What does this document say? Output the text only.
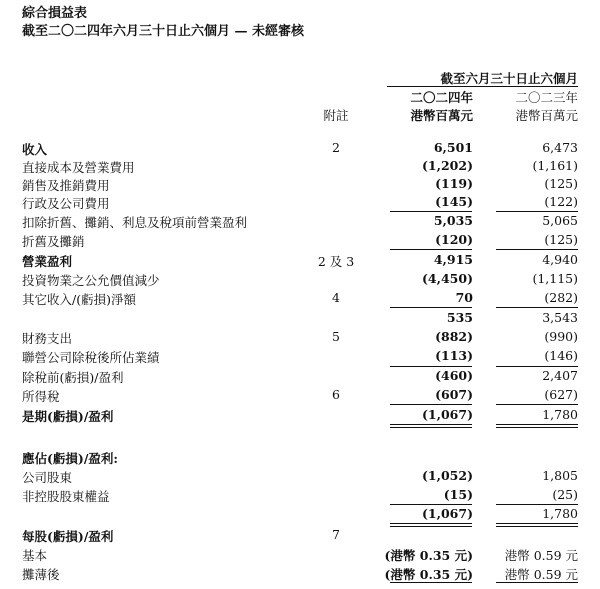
綜合損益表
截至二〇二四年六月三十日止六個月 — 未經審核
截至六月三十日止六個月
二〇二四年	二〇二三年
附註	港幣百萬元	港幣百萬元
收入	2	6,501	6,473
直接成本及營業費用	(1,202)	(1,161)
銷售及推銷費用	(119)	(125)
行政及公司費用	(145)	(122)
扣除折舊、攤銷、利息及稅項前營業盈利	5,035	5,065
折舊及攤銷	(120)	(125)
營業盈利	2 及 3	4,915	4,940
投資物業之公允價值減少	(4,450)	(1,115)
其它收入/(虧損)淨額	4	70	(282)
535	3,543
財務支出	5	(882)	(990)
聯營公司除稅後所佔業績	(113)	(146)
除稅前(虧損)/盈利	(460)	2,407
所得稅	6	(607)	(627)
是期(虧損)/盈利	(1,067)	1,780
應佔(虧損)/盈利:
公司股東	(1,052)	1,805
非控股股東權益	(15)	(25)
(1,067)	1,780
每股(虧損)/盈利	7
基本	(港幣 0.35 元)	港幣 0.59 元
攤薄後	(港幣 0.35 元)	港幣 0.59 元
